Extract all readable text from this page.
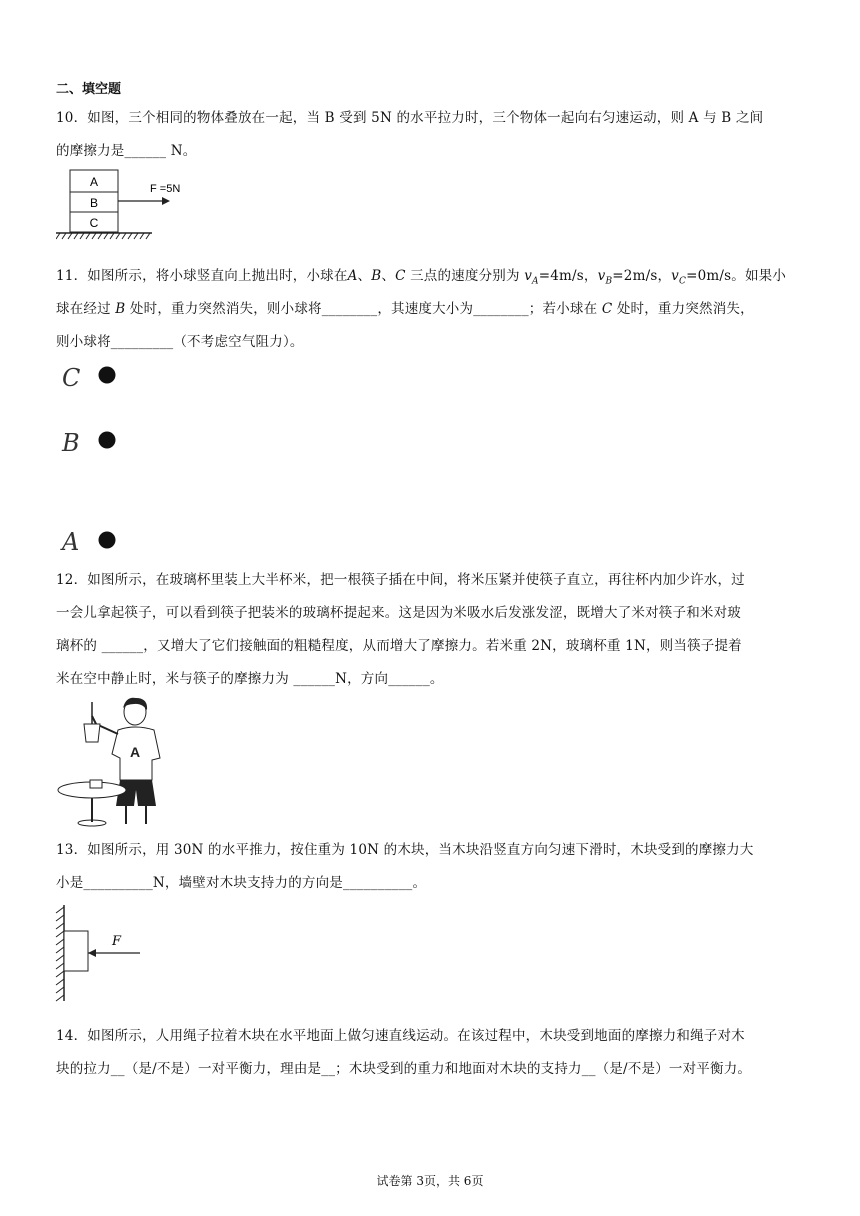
二、填空题
10．如图，三个相同的物体叠放在一起，当 B 受到 5N 的水平拉力时，三个物体一起向右匀速运动，则 A 与 B 之间
的摩擦力是______ N。
A
B
C
F =5N
11．如图所示，将小球竖直向上抛出时，小球在A、B、C 三点的速度分别为 $v_A=4m/s$，$v_B=2m/s$，$v_C=0m/s$。如果小
球在经过 B 处时，重力突然消失，则小球将________，其速度大小为________；若小球在 C 处时，重力突然消失，
则小球将_________（不考虑空气阻力）。
C
B
A
12．如图所示，在玻璃杯里装上大半杯米，把一根筷子插在中间，将米压紧并使筷子直立，再往杯内加少许水，过
一会儿拿起筷子，可以看到筷子把装米的玻璃杯提起来。这是因为米吸水后发涨发涩，既增大了米对筷子和米对玻
璃杯的 ______，又增大了它们接触面的粗糙程度，从而增大了摩擦力。若米重 2N，玻璃杯重 1N，则当筷子提着
米在空中静止时，米与筷子的摩擦力为 ______N，方向______。
A
13．如图所示，用 30N 的水平推力，按住重为 10N 的木块，当木块沿竖直方向匀速下滑时，木块受到的摩擦力大
小是__________N，墙壁对木块支持力的方向是__________。
F
14．如图所示，人用绳子拉着木块在水平地面上做匀速直线运动。在该过程中，木块受到地面的摩擦力和绳子对木
块的拉力__（是/不是）一对平衡力，理由是__；木块受到的重力和地面对木块的支持力__（是/不是）一对平衡力。
试卷第 3页，共 6页
